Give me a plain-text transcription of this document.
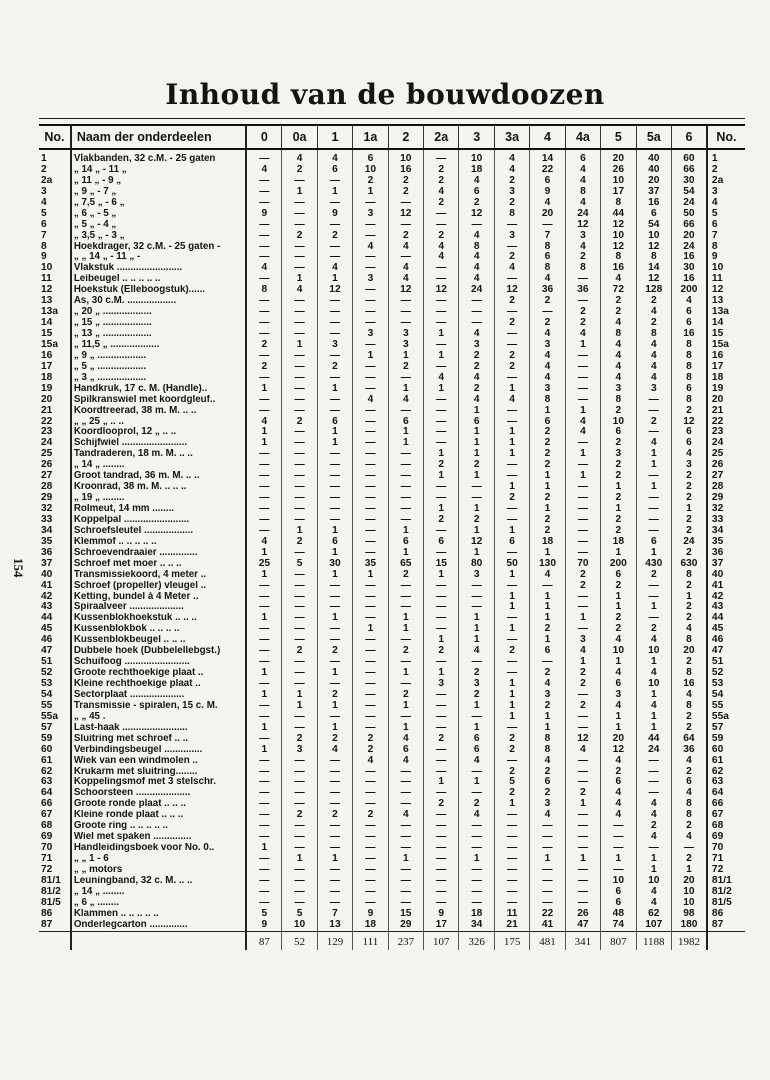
Inhoud van de bouwdoozen
154
No.	Naam der onderdeelen	0	0a	1	1a	2	2a	3	3a	4	4a	5	5a	6	No.
1	Vlakbanden, 32 c.M. - 25 gaten	—	4	4	6	10	—	10	4	14	6	20	40	60	1
2	„ 14 „ - 11 „	4	2	6	10	16	2	18	4	22	4	26	40	66	2
2a	„ 11 „ - 9 „	—	—	—	2	2	2	4	2	6	4	10	20	30	2a
3	„ 9 „ - 7 „	—	1	1	1	2	4	6	3	9	8	17	37	54	3
4	„ 7,5 „ - 6 „	—	—	—	—	—	2	2	2	4	4	8	16	24	4
5	„ 6 „ - 5 „	9	—	9	3	12	—	12	8	20	24	44	6	50	5
6	„ 5 „ - 4 „	—	—	—	—	—	—	—	—	—	12	12	54	66	6
7	„ 3,5 „ - 3 „	—	2	2	—	2	2	4	3	7	3	10	10	20	7
8	Hoekdrager, 32 c.M. - 25 gaten -	—	—	—	4	4	4	8	—	8	4	12	12	24	8
9	„ „ 14 „ - 11 „ -	—	—	—	—	—	4	4	2	6	2	8	8	16	9
10	Vlakstuk ........................	4	—	4	—	4	—	4	4	8	8	16	14	30	10
11	Leibeugel .. .. .. .. ..	—	1	1	3	4	—	4	—	4	—	4	12	16	11
12	Hoekstuk (Elleboogstuk)......	8	4	12	—	12	12	24	12	36	36	72	128	200	12
13	As, 30 c.M. ..................	—	—	—	—	—	—	—	2	2	—	2	2	4	13
13a	„ 20 „ ..................	—	—	—	—	—	—	—	—	—	2	2	4	6	13a
14	„ 15 „ ..................	—	—	—	—	—	—	—	2	2	2	4	2	6	14
15	„ 13 „ ..................	—	—	—	3	3	1	4	—	4	4	8	8	16	15
15a	„ 11,5 „ ..................	2	1	3	—	3	—	3	—	3	1	4	4	8	15a
16	„ 9 „ ..................	—	—	—	1	1	1	2	2	4	—	4	4	8	16
17	„ 5 „ ..................	2	—	2	—	2	—	2	2	4	—	4	4	8	17
18	„ 3 „ ..................	—	—	—	—	—	4	4	—	4	—	4	4	8	18
19	Handkruk, 17 c. M. (Handle)..	1	—	1	—	1	1	2	1	3	—	3	3	6	19
20	Spilkranswiel met koordgleuf..	—	—	—	4	4	—	4	4	8	—	8	—	8	20
21	Koordtreerad, 38 m. M. .. ..	—	—	—	—	—	—	1	—	1	1	2	—	2	21
22	„ „ 25 „ .. ..	4	2	6	—	6	—	6	—	6	4	10	2	12	22
23	Koordlooprol, 12 „ .. ..	1	—	1	—	1	—	1	1	2	4	6	—	6	23
24	Schijfwiel ........................	1	—	1	—	1	—	1	1	2	—	2	4	6	24
25	Tandraderen, 18 m. M. .. ..	—	—	—	—	—	1	1	1	2	1	3	1	4	25
26	„ 14 „ ........	—	—	—	—	—	2	2	—	2	—	2	1	3	26
27	Groot tandrad, 36 m. M. .. ..	—	—	—	—	—	1	1	—	1	1	2	—	2	27
28	Kroonrad, 38 m. M. .. .. ..	—	—	—	—	—	—	—	1	1	—	1	1	2	28
29	„ 19 „ ........	—	—	—	—	—	—	—	2	2	—	2	—	2	29
32	Rolmeut, 14 mm ........	—	—	—	—	—	1	1	—	1	—	1	—	1	32
33	Koppelpal ........................	—	—	—	—	—	2	2	—	2	—	2	—	2	33
34	Schroefsleutel ..................	—	1	1	—	1	—	1	1	2	—	2	—	2	34
35	Klemmof .. .. .. .. ..	4	2	6	—	6	6	12	6	18	—	18	6	24	35
36	Schroevendraaier ..............	1	—	1	—	1	—	1	—	1	—	1	1	2	36
37	Schroef met moer .. .. ..	25	5	30	35	65	15	80	50	130	70	200	430	630	37
40	Transmissiekoord, 4 meter ..	1	—	1	1	2	1	3	1	4	2	6	2	8	40
41	Schroef (propeller) vleugel ..	—	—	—	—	—	—	—	—	—	2	2	—	2	41
42	Ketting, bundel à 4 Meter ..	—	—	—	—	—	—	—	1	1	—	1	—	1	42
43	Spiraalveer ....................	—	—	—	—	—	—	—	1	1	—	1	1	2	43
44	Kussenblokhoekstuk .. .. ..	1	—	1	—	1	—	1	—	1	1	2	—	2	44
45	Kussenblokbok .. .. .. ..	—	—	—	1	1	—	1	1	2	—	2	2	4	45
46	Kussenblokbeugel .. .. ..	—	—	—	—	—	1	1	—	1	3	4	4	8	46
47	Dubbele hoek (Dubbelellebgst.)	—	2	2	—	2	2	4	2	6	4	10	10	20	47
51	Schuifoog ........................	—	—	—	—	—	—	—	—	—	1	1	1	2	51
52	Groote rechthoekige plaat ..	1	—	1	—	1	1	2	—	2	2	4	4	8	52
53	Kleine rechthoekige plaat ..	—	—	—	—	—	3	3	1	4	2	6	10	16	53
54	Sectorplaat ....................	1	1	2	—	2	—	2	1	3	—	3	1	4	54
55	Transmissie - spiralen, 15 c. M.	—	1	1	—	1	—	1	1	2	2	4	4	8	55
55a	„ „ 45 .	—	—	—	—	—	—	—	1	1	—	1	1	2	55a
57	Last-haak ........................	1	—	1	—	1	—	1	—	1	—	1	1	2	57
59	Sluitring met schroef .. ..	—	2	2	2	4	2	6	2	8	12	20	44	64	59
60	Verbindingsbeugel ..............	1	3	4	2	6	—	6	2	8	4	12	24	36	60
61	Wiek van een windmolen ..	—	—	—	4	4	—	4	—	4	—	4	—	4	61
62	Krukarm met sluitring........	—	—	—	—	—	—	—	2	2	—	2	—	2	62
63	Koppelingsmof met 3 stelschr.	—	—	—	—	—	1	1	5	6	—	6	—	6	63
64	Schoorsteen ....................	—	—	—	—	—	—	—	2	2	2	4	—	4	64
66	Groote ronde plaat .. .. ..	—	—	—	—	—	2	2	1	3	1	4	4	8	66
67	Kleine ronde plaat .. .. ..	—	2	2	2	4	—	4	—	4	—	4	4	8	67
68	Groote ring .. .. .. .. ..	—	—	—	—	—	—	—	—	—	—	—	2	2	68
69	Wiel met spaken ..............	—	—	—	—	—	—	—	—	—	—	—	4	4	69
70	Handleidingsboek voor No. 0..	1	—	—	—	—	—	—	—	—	—	—	—	—	70
71	„ „ 1 - 6	—	1	1	—	1	—	1	—	1	1	1	1	2	71
72	„ „ motors	—	—	—	—	—	—	—	—	—	—	—	1	1	72
81/1	Leuningband, 32 c. M. .. ..	—	—	—	—	—	—	—	—	—	—	10	10	20	81/1
81/2	„ 14 „ ........	—	—	—	—	—	—	—	—	—	—	6	4	10	81/2
81/5	„ 6 „ ........	—	—	—	—	—	—	—	—	—	—	6	4	10	81/5
86	Klammen .. .. .. .. ..	5	5	7	9	15	9	18	11	22	26	48	62	98	86
87	Onderlegcarton ..............	9	10	13	18	29	17	34	21	41	47	74	107	180	87
		87	52	129	111	237	107	326	175	481	341	807	1188	1982	
